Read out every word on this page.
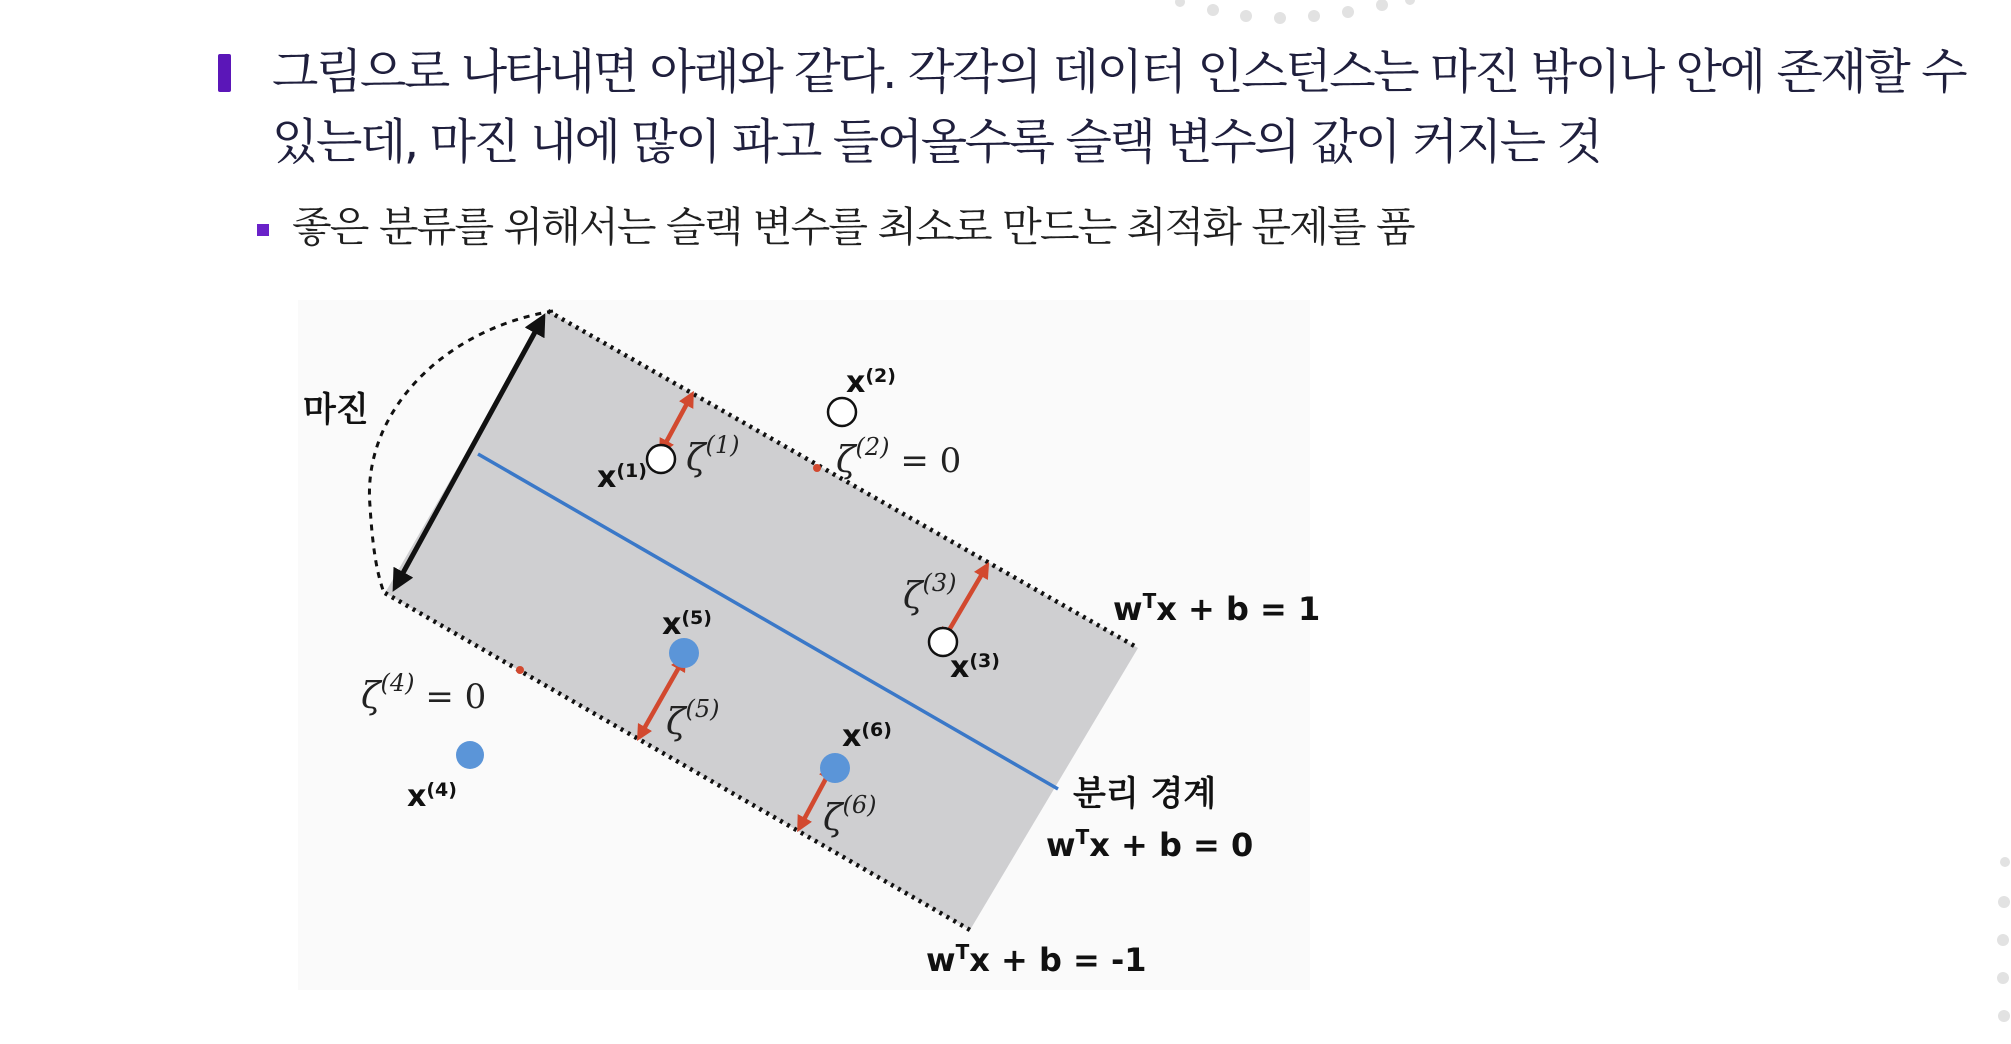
그림으로 나타내면 아래와 같다. 각각의 데이터 인스턴스는 마진 밖이나 안에 존재할 수
있는데, 마진 내에 많이 파고 들어올수록 슬랙 변수의 값이 커지는 것
좋은 분류를 위해서는 슬랙 변수를 최소로 만드는 최적화 문제를 품
마진
$x^{(1)}$
$x^{(2)}$
$x^{(3)}$
$x^{(4)}$
$x^{(5)}$
$x^{(6)}$
$\zeta^{(1)}$	$\zeta^{(2)} = 0$
$\zeta^{(3)}$
$\zeta^{(4)} = 0$
$\zeta^{(5)}$
$\zeta^{(6)}$
$w^Tx + b = 1$
분리 경계
$w^Tx + b = 0$
$w^Tx + b = -1$
